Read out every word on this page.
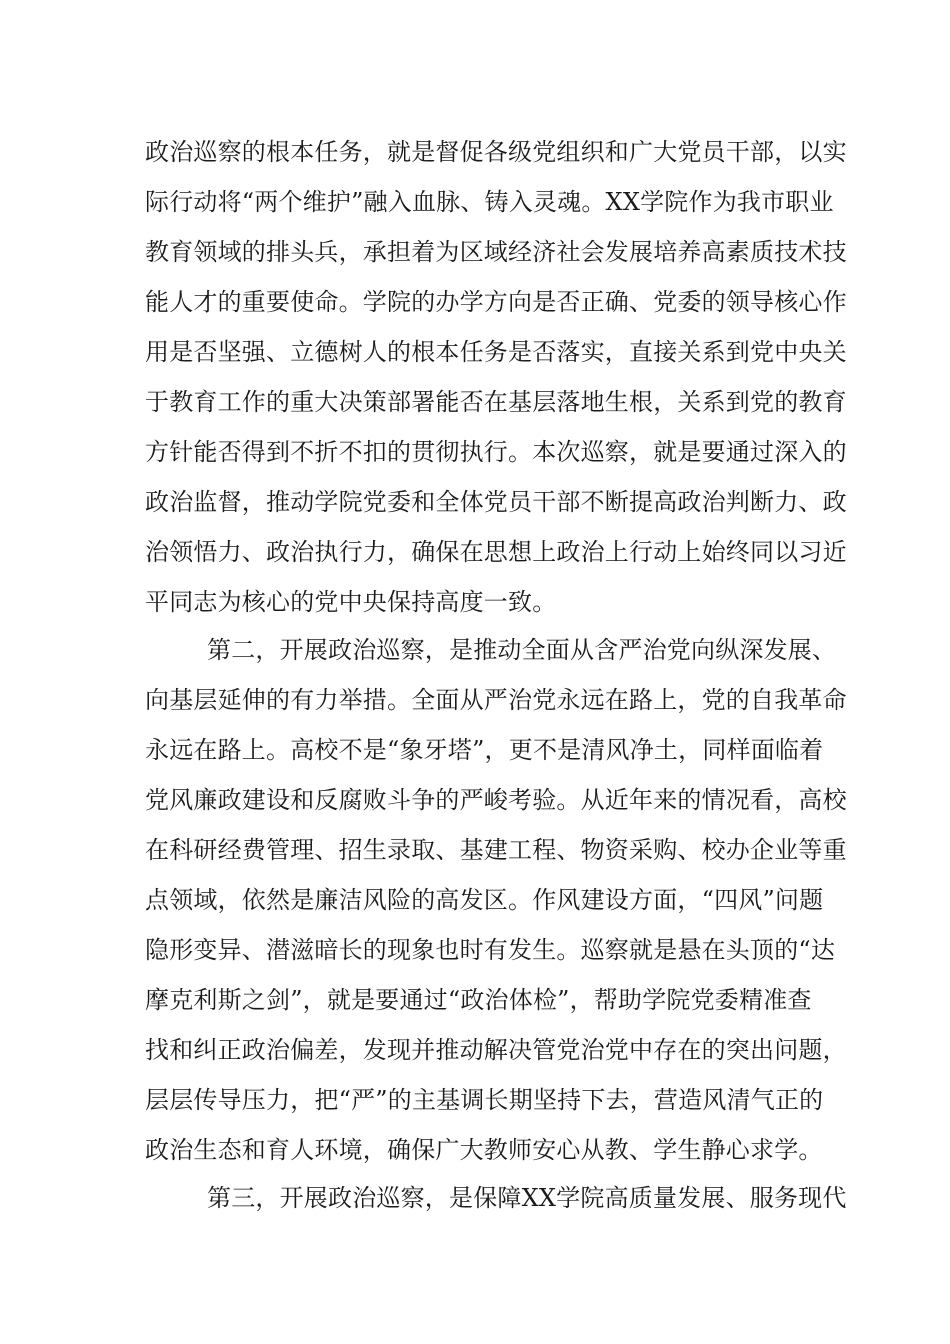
政治巡察的根本任务，就是督促各级党组织和广大党员干部，以实
际行动将“两个维护”融入血脉、铸入灵魂。XX学院作为我市职业
教育领域的排头兵，承担着为区域经济社会发展培养高素质技术技
能人才的重要使命。学院的办学方向是否正确、党委的领导核心作
用是否坚强、立德树人的根本任务是否落实，直接关系到党中央关
于教育工作的重大决策部署能否在基层落地生根，关系到党的教育
方针能否得到不折不扣的贯彻执行。本次巡察，就是要通过深入的
政治监督，推动学院党委和全体党员干部不断提高政治判断力、政
治领悟力、政治执行力，确保在思想上政治上行动上始终同以习近
平同志为核心的党中央保持高度一致。
第二，开展政治巡察，是推动全面从含严治党向纵深发展、
向基层延伸的有力举措。全面从严治党永远在路上，党的自我革命
永远在路上。高校不是“象牙塔”，更不是清风净土，同样面临着
党风廉政建设和反腐败斗争的严峻考验。从近年来的情况看，高校
在科研经费管理、招生录取、基建工程、物资采购、校办企业等重
点领域，依然是廉洁风险的高发区。作风建设方面，“四风”问题
隐形变异、潜滋暗长的现象也时有发生。巡察就是悬在头顶的“达
摩克利斯之剑”，就是要通过“政治体检”，帮助学院党委精准查
找和纠正政治偏差，发现并推动解决管党治党中存在的突出问题，
层层传导压力，把“严”的主基调长期坚持下去，营造风清气正的
政治生态和育人环境，确保广大教师安心从教、学生静心求学。
第三，开展政治巡察，是保障XX学院高质量发展、服务现代
